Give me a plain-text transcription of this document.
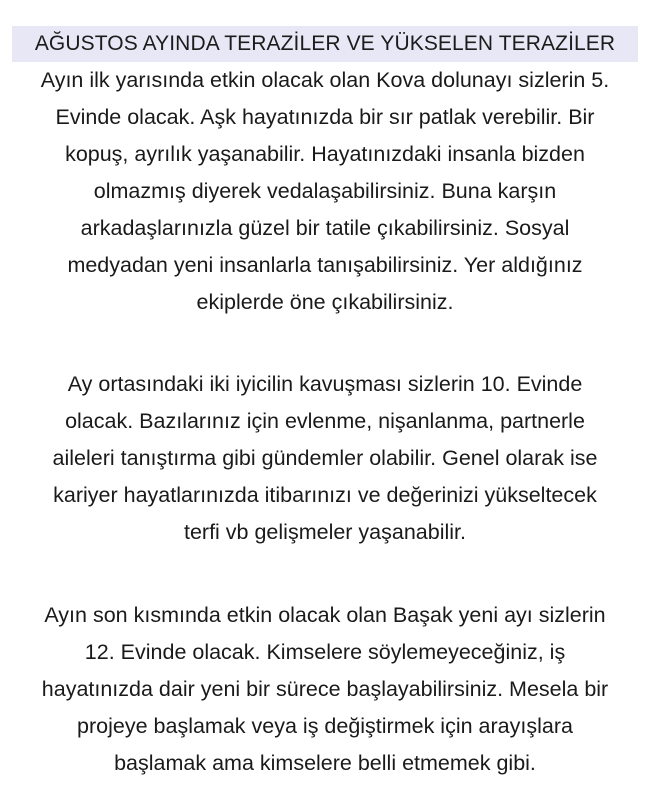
AĞUSTOS AYINDA TERAZİLER VE YÜKSELEN TERAZİLER

Ayın ilk yarısında etkin olacak olan Kova dolunayı sizlerin 5.
Evinde olacak. Aşk hayatınızda bir sır patlak verebilir. Bir
kopuş, ayrılık yaşanabilir. Hayatınızdaki insanla bizden
olmazmış diyerek vedalaşabilirsiniz. Buna karşın
arkadaşlarınızla güzel bir tatile çıkabilirsiniz. Sosyal
medyadan yeni insanlarla tanışabilirsiniz. Yer aldığınız
ekiplerde öne çıkabilirsiniz.

Ay ortasındaki iki iyicilin kavuşması sizlerin 10. Evinde
olacak. Bazılarınız için evlenme, nişanlanma, partnerle
aileleri tanıştırma gibi gündemler olabilir. Genel olarak ise
kariyer hayatlarınızda itibarınızı ve değerinizi yükseltecek
terfi vb gelişmeler yaşanabilir.

Ayın son kısmında etkin olacak olan Başak yeni ayı sizlerin
12. Evinde olacak. Kimselere söylemeyeceğiniz, iş
hayatınızda dair yeni bir sürece başlayabilirsiniz. Mesela bir
projeye başlamak veya iş değiştirmek için arayışlara
başlamak ama kimselere belli etmemek gibi.
